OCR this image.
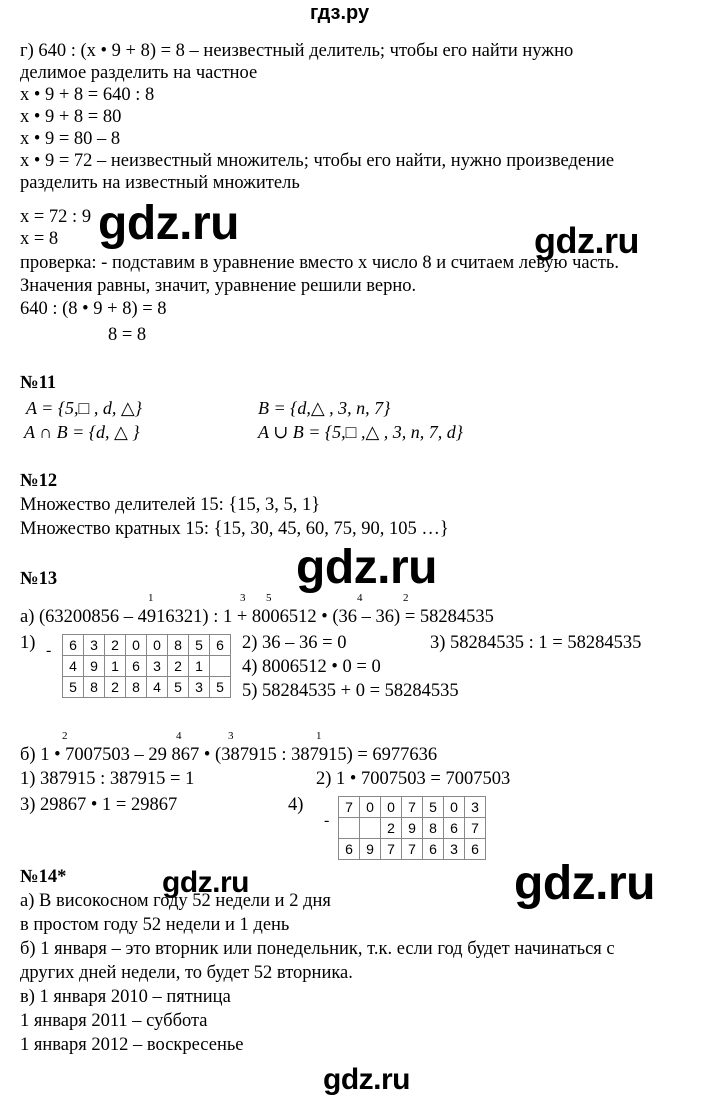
гдз.ру
г) 640 : (x • 9 + 8) = 8 – неизвестный делитель; чтобы его найти нужно
делимое разделить на частное
x • 9 + 8 = 640 : 8
x • 9 + 8 = 80
x • 9 = 80 – 8
x • 9 = 72 – неизвестный множитель; чтобы его найти, нужно произведение
разделить на известный множитель
x = 72 : 9
x = 8
проверка: - подставим в уравнение вместо x число 8 и считаем левую часть.
Значения равны, значит, уравнение решили верно.
640 : (8 • 9 + 8) = 8
8 = 8
gdz.ru	gdz.ru
gdz.ru
gdz.ru	gdz.ru
gdz.ru
№11
A = {5,□ , d, △}	B = {d,△ , 3, n, 7}
A ∩ B = {d, △ }	A ∪ B = {5,□ ,△ , 3, n, 7, d}
№12
Множество делителей 15: {15, 3, 5, 1}
Множество кратных 15: {15, 30, 45, 60, 75, 90, 105 …}
№13
1	3 5	4	2
а) (63200856 – 4916321) : 1 + 8006512 • (36 – 36) = 58284535
1) - 6	3	2	0	0	8	5	6
4	9	1	6	3	2	1	
5	8	2	8	4	5	3	5
2) 36 – 36 = 0	3) 58284535 : 1 = 58284535
4) 8006512 • 0 = 0
5) 58284535 + 0 = 58284535
2	4	3	1
б) 1 • 7007503 – 29 867 • (387915 : 387915) = 6977636
1) 387915 : 387915 = 1	2) 1 • 7007503 = 7007503
3) 29867 • 1 = 29867	4)
-
	7	0	0	7	5	0	3
			2	9	8	6	7
	6	9	7	7	6	3	6
№14*
а) В високосном году 52 недели и 2 дня
в простом году 52 недели и 1 день
б) 1 января – это вторник или понедельник, т.к. если год будет начинаться с
других дней недели, то будет 52 вторника.
в) 1 января 2010 – пятница
1 января 2011 – суббота
1 января 2012 – воскресенье
